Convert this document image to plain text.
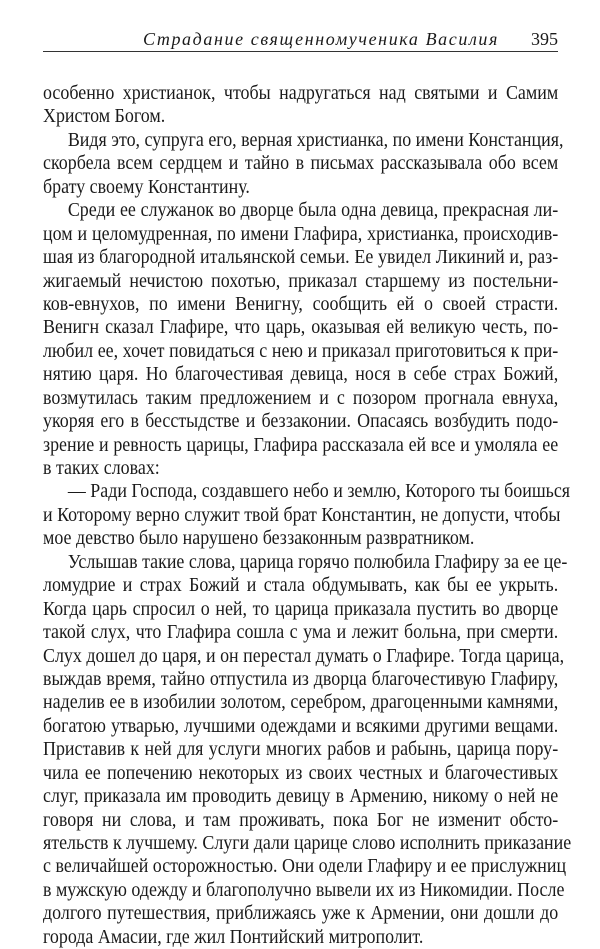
Страдание священномученика Василия 395
особенно христианок, чтобы надругаться над святыми и Самим
Христом Богом.
Видя это, супруга его, верная христианка, по имени Констанция,
скорбела всем сердцем и тайно в письмах рассказывала обо всем
брату своему Константину.
Среди ее служанок во дворце была одна девица, прекрасная ли-
цом и целомудренная, по имени Глафира, христианка, происходив-
шая из благородной итальянской семьи. Ее увидел Ликиний и, раз-
жигаемый нечистою похотью, приказал старшему из постельни-
ков-евнухов, по имени Венигну, сообщить ей о своей страсти.
Венигн сказал Глафире, что царь, оказывая ей великую честь, по-
любил ее, хочет повидаться с нею и приказал приготовиться к при-
нятию царя. Но благочестивая девица, нося в себе страх Божий,
возмутилась таким предложением и с позором прогнала евнуха,
укоряя его в бесстыдстве и беззаконии. Опасаясь возбудить подо-
зрение и ревность царицы, Глафира рассказала ей все и умоляла ее
в таких словах:
— Ради Господа, создавшего небо и землю, Которого ты боишься
и Которому верно служит твой брат Константин, не допусти, чтобы
мое девство было нарушено беззаконным развратником.
Услышав такие слова, царица горячо полюбила Глафиру за ее це-
ломудрие и страх Божий и стала обдумывать, как бы ее укрыть.
Когда царь спросил о ней, то царица приказала пустить во дворце
такой слух, что Глафира сошла с ума и лежит больна, при смерти.
Слух дошел до царя, и он перестал думать о Глафире. Тогда царица,
выждав время, тайно отпустила из дворца благочестивую Глафиру,
наделив ее в изобилии золотом, серебром, драгоценными камнями,
богатою утварью, лучшими одеждами и всякими другими вещами.
Приставив к ней для услуги многих рабов и рабынь, царица пору-
чила ее попечению некоторых из своих честных и благочестивых
слуг, приказала им проводить девицу в Армению, никому о ней не
говоря ни слова, и там проживать, пока Бог не изменит обсто-
ятельств к лучшему. Слуги дали царице слово исполнить приказание
с величайшей осторожностью. Они одели Глафиру и ее прислужниц
в мужскую одежду и благополучно вывели их из Никомидии. После
долгого путешествия, приближаясь уже к Армении, они дошли до
города Амасии, где жил Понтийский митрополит.
